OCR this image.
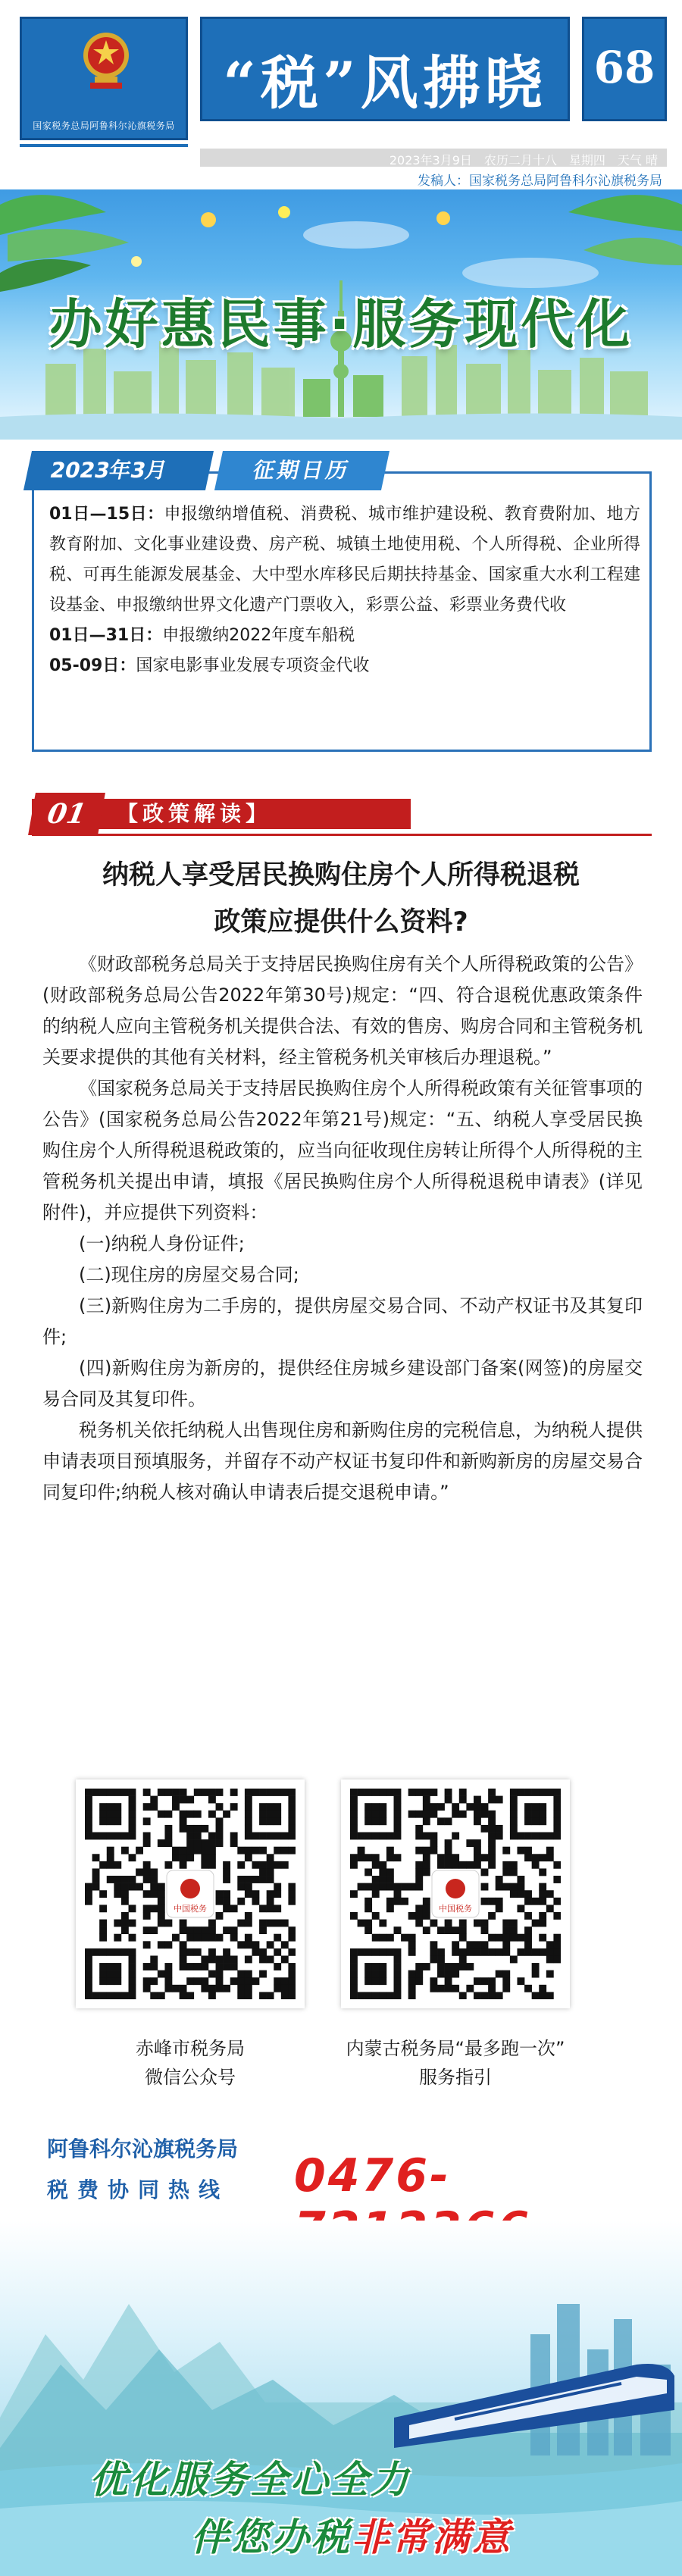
国家税务总局阿鲁科尔沁旗税务局
“税”风拂晓	68
2023年3月9日　农历二月十八　星期四　天气 晴
发稿人：国家税务总局阿鲁科尔沁旗税务局
办好惠民事·服务现代化
2023年3月	征期日历
01日—15日：申报缴纳增值税、消费税、城市维护建设税、教育费附加、地方教育附加、文化事业建设费、房产税、城镇土地使用税、个人所得税、企业所得税、可再生能源发展基金、大中型水库移民后期扶持基金、国家重大水利工程建设基金、申报缴纳世界文化遗产门票收入，彩票公益、彩票业务费代收
01日—31日：申报缴纳2022年度车船税
05-09日：国家电影事业发展专项资金代收
01	【政策解读】
纳税人享受居民换购住房个人所得税退税
政策应提供什么资料?

《财政部税务总局关于支持居民换购住房有关个人所得税政策的公告》(财政部税务总局公告2022年第30号)规定：“四、符合退税优惠政策条件的纳税人应向主管税务机关提供合法、有效的售房、购房合同和主管税务机关要求提供的其他有关材料，经主管税务机关审核后办理退税。”

《国家税务总局关于支持居民换购住房个人所得税政策有关征管事项的公告》(国家税务总局公告2022年第21号)规定：“五、纳税人享受居民换购住房个人所得税退税政策的，应当向征收现住房转让所得个人所得税的主管税务机关提出申请，填报《居民换购住房个人所得税退税申请表》(详见附件)，并应提供下列资料：

(一)纳税人身份证件;

(二)现住房的房屋交易合同;

(三)新购住房为二手房的，提供房屋交易合同、不动产权证书及其复印件;

(四)新购住房为新房的，提供经住房城乡建设部门备案(网签)的房屋交易合同及其复印件。

税务机关依托纳税人出售现住房和新购住房的完税信息，为纳税人提供申请表项目预填服务，并留存不动产权证书复印件和新购新房的房屋交易合同复印件;纳税人核对确认申请表后提交退税申请。”

中国税务	中国税务
赤峰市税务局
微信公众号
内蒙古税务局“最多跑一次”
服务指引
阿鲁科尔沁旗税务局
税费协同热线 0476-
优化服务全心全力
伴您办税非常满意
